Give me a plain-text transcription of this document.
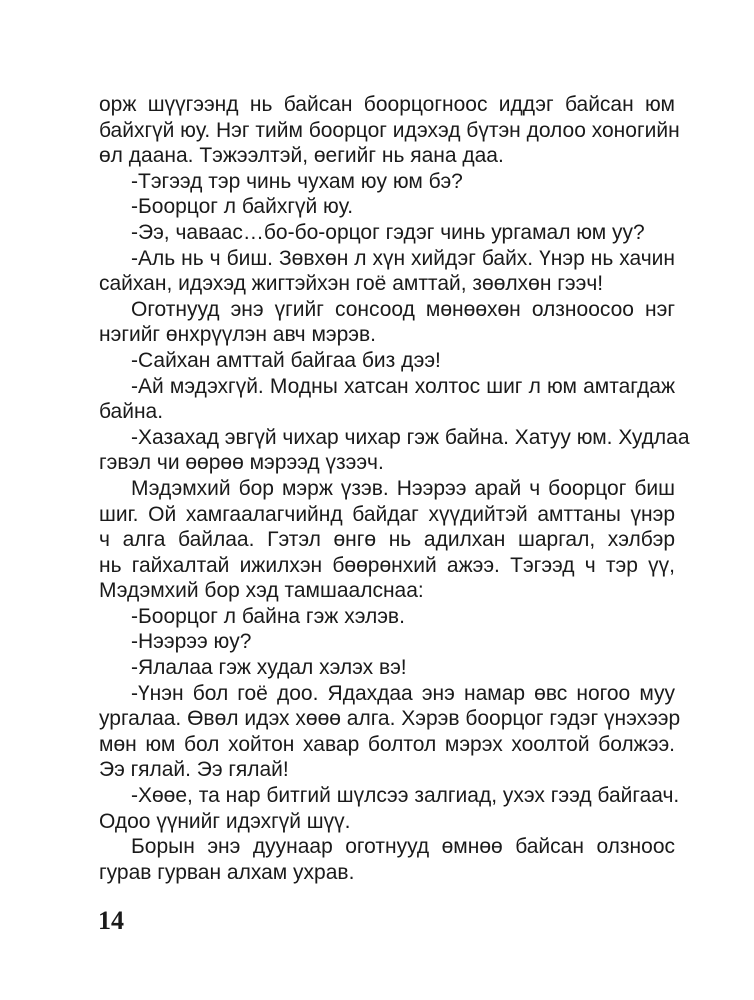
орж шүүгээнд нь байсан боорцогноос иддэг байсан юм
байхгүй юу. Нэг тийм боорцог идэхэд бүтэн долоо хоногийн
өл даана. Тэжээлтэй, өегийг нь яана даа.
-Тэгээд тэр чинь чухам юу юм бэ?
-Боорцог л байхгүй юу.
-Ээ, чаваас…бо-бо-орцог гэдэг чинь ургамал юм уу?
-Аль нь ч биш. Зөвхөн л хүн хийдэг байх. Үнэр нь хачин
сайхан, идэхэд жигтэйхэн гоё амттай, зөөлхөн гээч!
Оготнууд энэ үгийг сонсоод мөнөөхөн олзноосоо нэг
нэгийг өнхрүүлэн авч мэрэв.
-Сайхан амттай байгаа биз дээ!
-Ай мэдэхгүй. Модны хатсан холтос шиг л юм амтагдаж
байна.
-Хазахад эвгүй чихар чихар гэж байна. Хатуу юм. Худлаа
гэвэл чи өөрөө мэрээд үзээч.
Мэдэмхий бор мэрж үзэв. Нээрээ арай ч боорцог биш
шиг. Ой хамгаалагчийнд байдаг хүүдийтэй амттаны үнэр
ч алга байлаа. Гэтэл өнгө нь адилхан шаргал, хэлбэр
нь гайхалтай ижилхэн бөөрөнхий ажээ. Тэгээд ч тэр үү,
Мэдэмхий бор хэд тамшаалснаа:
-Боорцог л байна гэж хэлэв.
-Нээрээ юу?
-Ялалаа гэж худал хэлэх вэ!
-Үнэн бол гоё доо. Ядахдаа энэ намар өвс ногоо муу
ургалаа. Өвөл идэх хөөө алга. Хэрэв боорцог гэдэг үнэхээр
мөн юм бол хойтон хавар болтол мэрэх хоолтой болжээ.
Ээ гялай. Ээ гялай!
-Хөөе, та нар битгий шүлсээ залгиад, ухэх гээд байгаач.
Одоо үүнийг идэхгүй шүү.
Борын энэ дуунаар оготнууд өмнөө байсан олзноос
гурав гурван алхам ухрав.
14
